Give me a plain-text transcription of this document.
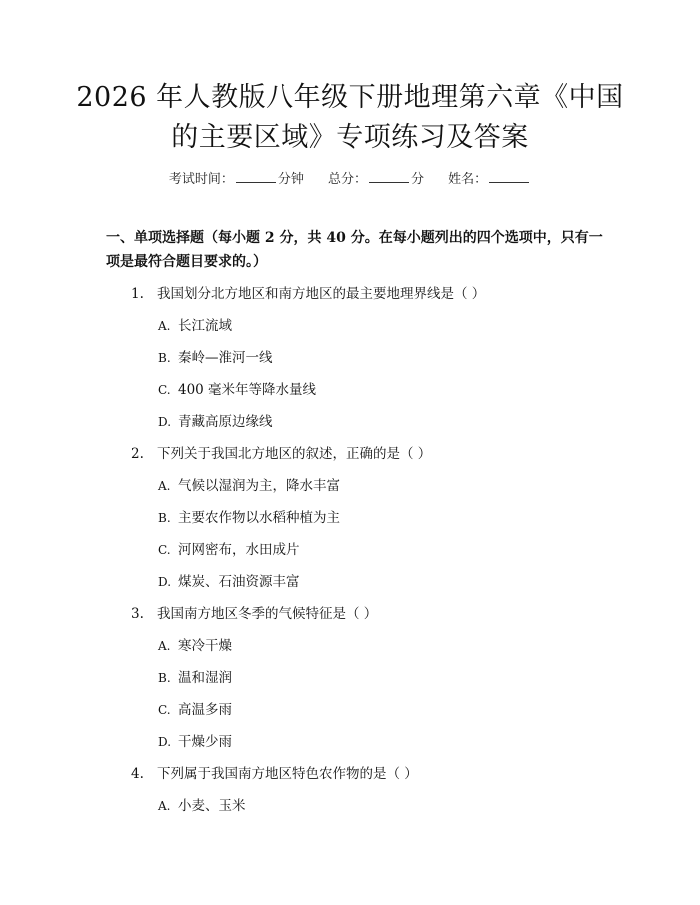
2026 年人教版八年级下册地理第六章《中国
的主要区域》专项练习及答案
考试时间：	分钟 总分：	分 姓名：

一、单项选择题（每小题 2 分，共 40 分。在每小题列出的四个选项中，只有一项是最符合题目要求的。）

1. 我国划分北方地区和南方地区的最主要地理界线是（ ）
A. 长江流域
B. 秦岭—淮河一线
C. 400 毫米年等降水量线
D. 青藏高原边缘线
2. 下列关于我国北方地区的叙述，正确的是（ ）
A. 气候以湿润为主，降水丰富
B. 主要农作物以水稻种植为主
C. 河网密布，水田成片
D. 煤炭、石油资源丰富
3. 我国南方地区冬季的气候特征是（ ）
A. 寒冷干燥
B. 温和湿润
C. 高温多雨
D. 干燥少雨
4. 下列属于我国南方地区特色农作物的是（ ）
A. 小麦、玉米
